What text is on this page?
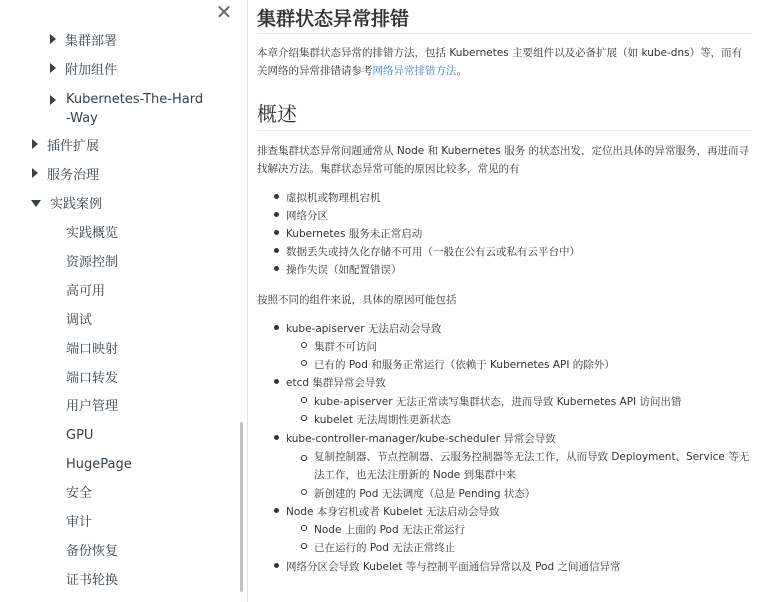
✕
集群部署
附加组件
Kubernetes-The-Hard-Way
插件扩展
服务治理
实践案例
实践概览
资源控制
高可用
调试
端口映射
端口转发
用户管理
GPU
HugePage
安全
审计
备份恢复
证书轮换
集群状态异常排错

本章介绍集群状态异常的排错方法，包括 Kubernetes 主要组件以及必备扩展（如 kube-dns）等，而有关网络的异常排错请参考网络异常排错方法。

概述

排查集群状态异常问题通常从 Node 和 Kubernetes 服务 的状态出发，定位出具体的异常服务，再进而寻找解决方法。集群状态异常可能的原因比较多，常见的有

虚拟机或物理机宕机
网络分区
Kubernetes 服务未正常启动
数据丢失或持久化存储不可用（一般在公有云或私有云平台中）
操作失误（如配置错误）

按照不同的组件来说，具体的原因可能包括

kube-apiserver 无法启动会导致
集群不可访问
已有的 Pod 和服务正常运行（依赖于 Kubernetes API 的除外）
etcd 集群异常会导致
kube-apiserver 无法正常读写集群状态，进而导致 Kubernetes API 访问出错
kubelet 无法周期性更新状态
kube-controller-manager/kube-scheduler 异常会导致
复制控制器、节点控制器、云服务控制器等无法工作，从而导致 Deployment、Service 等无法工作，也无法注册新的 Node 到集群中来
新创建的 Pod 无法调度（总是 Pending 状态）
Node 本身宕机或者 Kubelet 无法启动会导致
Node 上面的 Pod 无法正常运行
已在运行的 Pod 无法正常终止
网络分区会导致 Kubelet 等与控制平面通信异常以及 Pod 之间通信异常
